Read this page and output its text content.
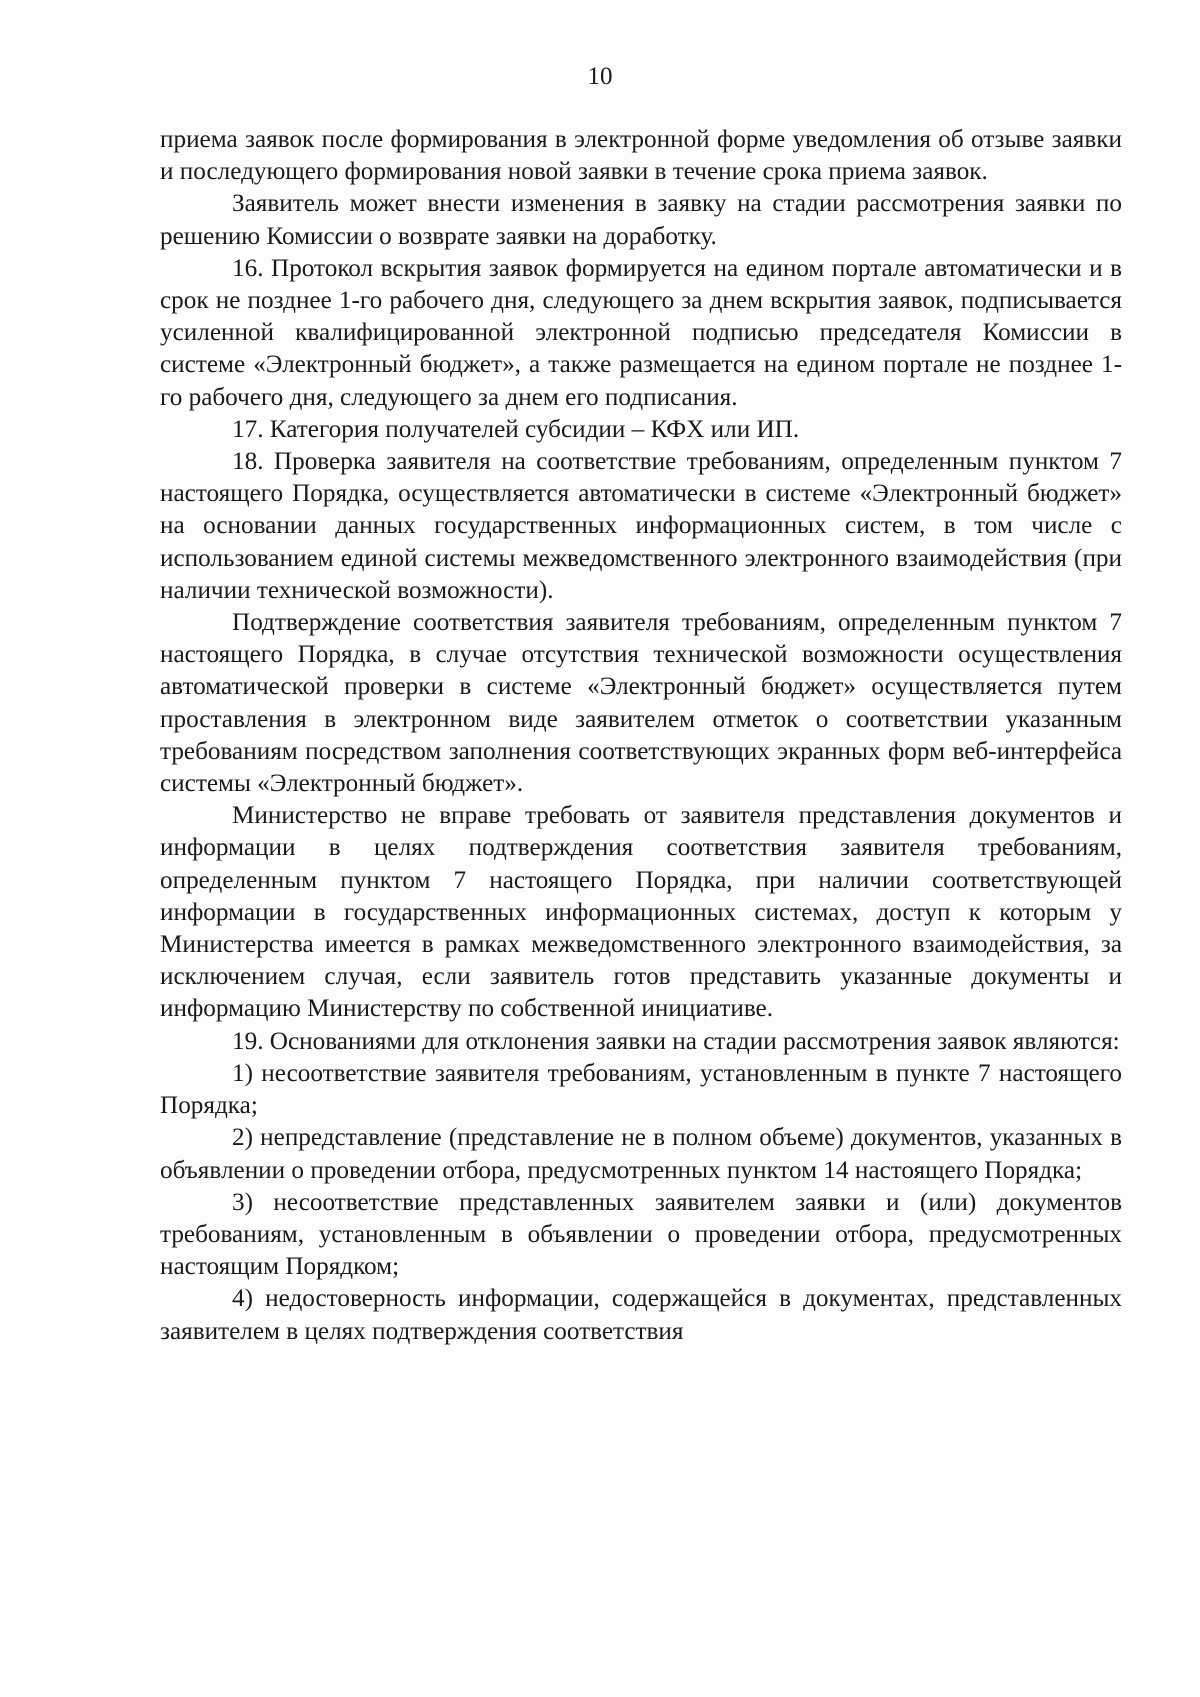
10

приема заявок после формирования в электронной форме уведомления об отзыве заявки и последующего формирования новой заявки в течение срока приема заявок.

Заявитель может внести изменения в заявку на стадии рассмотрения заявки по решению Комиссии о возврате заявки на доработку.

16. Протокол вскрытия заявок формируется на едином портале автоматически и в срок не позднее 1-го рабочего дня, следующего за днем вскрытия заявок, подписывается усиленной квалифицированной электронной подписью председателя Комиссии в системе «Электронный бюджет», а также размещается на едином портале не позднее 1-го рабочего дня, следующего за днем его подписания.

17. Категория получателей субсидии – КФХ или ИП.

18. Проверка заявителя на соответствие требованиям, определенным пунктом 7 настоящего Порядка, осуществляется автоматически в системе «Электронный бюджет» на основании данных государственных информационных систем, в том числе с использованием единой системы межведомственного электронного взаимодействия (при наличии технической возможности).

Подтверждение соответствия заявителя требованиям, определенным пунктом 7 настоящего Порядка, в случае отсутствия технической возможности осуществления автоматической проверки в системе «Электронный бюджет» осуществляется путем проставления в электронном виде заявителем отметок о соответствии указанным требованиям посредством заполнения соответствующих экранных форм веб-интерфейса системы «Электронный бюджет».

Министерство не вправе требовать от заявителя представления документов и информации в целях подтверждения соответствия заявителя требованиям, определенным пунктом 7 настоящего Порядка, при наличии соответствующей информации в государственных информационных системах, доступ к которым у Министерства имеется в рамках межведомственного электронного взаимодействия, за исключением случая, если заявитель готов представить указанные документы и информацию Министерству по собственной инициативе.

19. Основаниями для отклонения заявки на стадии рассмотрения заявок являются:

1) несоответствие заявителя требованиям, установленным в пункте 7 настоящего Порядка;

2) непредставление (представление не в полном объеме) документов, указанных в объявлении о проведении отбора, предусмотренных пунктом 14 настоящего Порядка;

3) несоответствие представленных заявителем заявки и (или) документов требованиям, установленным в объявлении о проведении отбора, предусмотренных настоящим Порядком;

4) недостоверность информации, содержащейся в документах, представленных заявителем в целях подтверждения соответствия
